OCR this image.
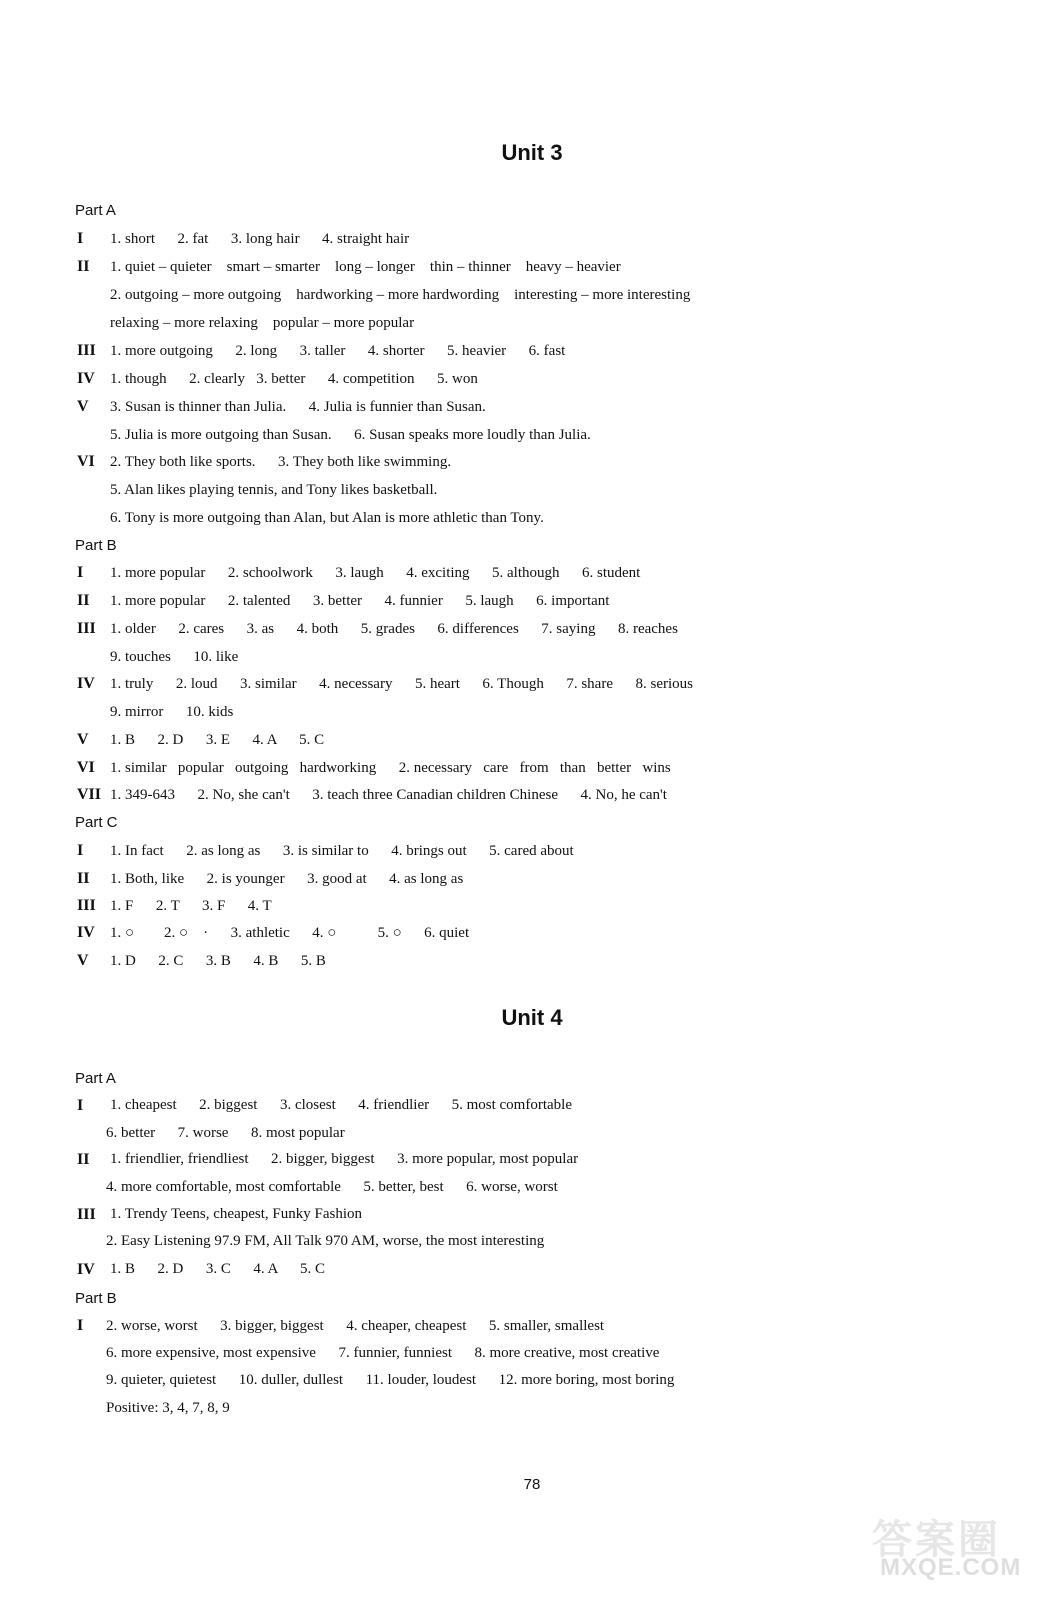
Unit 3
Part A
I 1. short      2. fat      3. long hair      4. straight hair
II 1. quiet – quieter    smart – smarter    long – longer    thin – thinner    heavy – heavier
2. outgoing – more outgoing    hardworking – more hardwording    interesting – more interesting
relaxing – more relaxing    popular – more popular
III 1. more outgoing      2. long      3. taller      4. shorter      5. heavier      6. fast
IV 1. though      2. clearly   3. better      4. competition      5. won
V 3. Susan is thinner than Julia.      4. Julia is funnier than Susan.
5. Julia is more outgoing than Susan.      6. Susan speaks more loudly than Julia.
VI 2. They both like sports.      3. They both like swimming.
5. Alan likes playing tennis, and Tony likes basketball.
6. Tony is more outgoing than Alan, but Alan is more athletic than Tony.
Part B
I 1. more popular      2. schoolwork      3. laugh      4. exciting      5. although      6. student
II 1. more popular      2. talented      3. better      4. funnier      5. laugh      6. important
III 1. older      2. cares      3. as      4. both      5. grades      6. differences      7. saying      8. reaches
9. touches      10. like
IV 1. truly      2. loud      3. similar      4. necessary      5. heart      6. Though      7. share      8. serious
9. mirror      10. kids
V 1. B      2. D      3. E      4. A      5. C
VI 1. similar   popular   outgoing   hardworking      2. necessary   care   from   than   better   wins
VII 1. 349-643      2. No, she can't      3. teach three Canadian children Chinese      4. No, he can't
Part C
I 1. In fact      2. as long as      3. is similar to      4. brings out      5. cared about
II 1. Both, like      2. is younger      3. good at      4. as long as
III 1. F      2. T      3. F      4. T
IV 1. ○        2. ○    ·      3. athletic      4. ○           5. ○      6. quiet
V 1. D      2. C      3. B      4. B      5. B
Unit 4
Part A
I 1. cheapest      2. biggest      3. closest      4. friendlier      5. most comfortable
6. better      7. worse      8. most popular
II 1. friendlier, friendliest      2. bigger, biggest      3. more popular, most popular
4. more comfortable, most comfortable      5. better, best      6. worse, worst
III 1. Trendy Teens, cheapest, Funky Fashion
2. Easy Listening 97.9 FM, All Talk 970 AM, worse, the most interesting
IV 1. B      2. D      3. C      4. A      5. C
Part B
I 2. worse, worst      3. bigger, biggest      4. cheaper, cheapest      5. smaller, smallest
6. more expensive, most expensive      7. funnier, funniest      8. more creative, most creative
9. quieter, quietest      10. duller, dullest      11. louder, loudest      12. more boring, most boring
Positive: 3, 4, 7, 8, 9
78
答案圈
MXQE.COM
